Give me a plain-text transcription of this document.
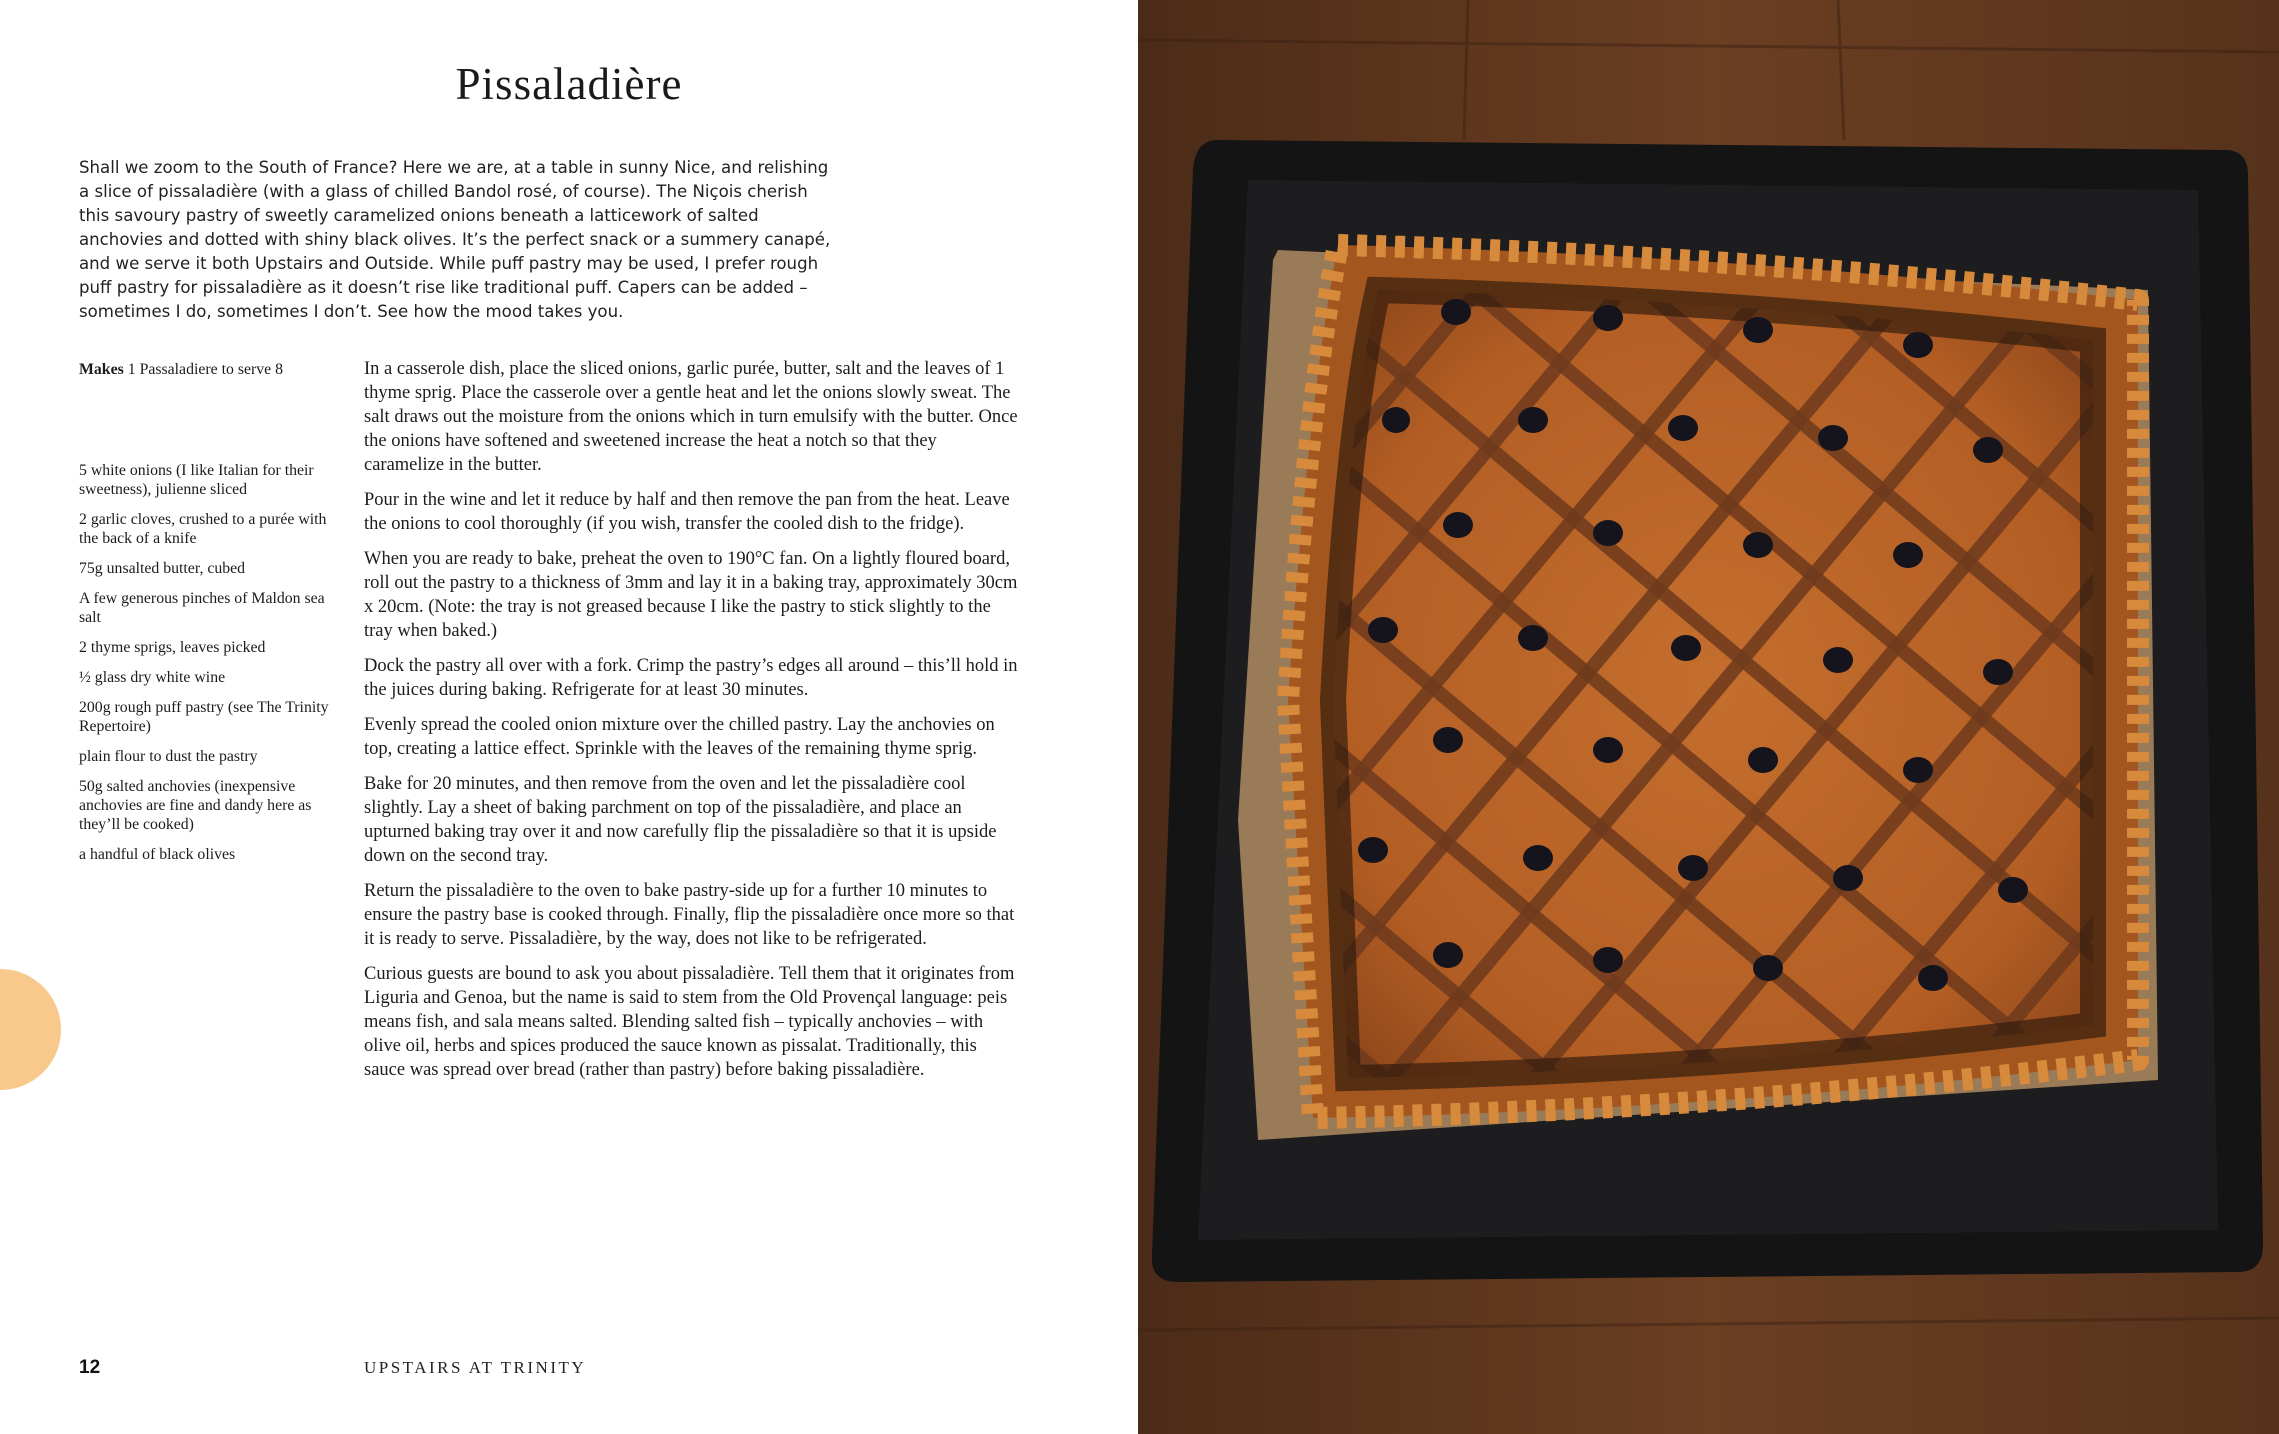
Pissaladière

Shall we zoom to the South of France? Here we are, at a table in sunny Nice, and relishing a slice of pissaladière (with a glass of chilled Bandol rosé, of course). The Niçois cherish this savoury pastry of sweetly caramelized onions beneath a latticework of salted anchovies and dotted with shiny black olives. It’s the perfect snack or a summery canapé, and we serve it both Upstairs and Outside. While puff pastry may be used, I prefer rough puff pastry for pissaladière as it doesn’t rise like traditional puff. Capers can be added – sometimes I do, sometimes I don’t. See how the mood takes you.

Makes 1 Passaladiere to serve 8

5 white onions (I like Italian for their sweetness), julienne sliced
2 garlic cloves, crushed to a purée with the back of a knife
75g unsalted butter, cubed
A few generous pinches of Maldon sea salt
2 thyme sprigs, leaves picked
½ glass dry white wine
200g rough puff pastry (see The Trinity Repertoire)
plain flour to dust the pastry
50g salted anchovies (inexpensive anchovies are fine and dandy here as they’ll be cooked)
a handful of black olives

In a casserole dish, place the sliced onions, garlic purée, butter, salt and the leaves of 1 thyme sprig. Place the casserole over a gentle heat and let the onions slowly sweat. The salt draws out the moisture from the onions which in turn emulsify with the butter. Once the onions have softened and sweetened increase the heat a notch so that they caramelize in the butter.

Pour in the wine and let it reduce by half and then remove the pan from the heat. Leave the onions to cool thoroughly (if you wish, transfer the cooled dish to the fridge).

When you are ready to bake, preheat the oven to 190°C fan. On a lightly floured board, roll out the pastry to a thickness of 3mm and lay it in a baking tray, approximately 30cm x 20cm. (Note: the tray is not greased because I like the pastry to stick slightly to the tray when baked.)

Dock the pastry all over with a fork. Crimp the pastry’s edges all around – this’ll hold in the juices during baking. Refrigerate for at least 30 minutes.

Evenly spread the cooled onion mixture over the chilled pastry. Lay the anchovies on top, creating a lattice effect. Sprinkle with the leaves of the remaining thyme sprig.

Bake for 20 minutes, and then remove from the oven and let the pissaladière cool slightly. Lay a sheet of baking parchment on top of the pissaladière, and place an upturned baking tray over it and now carefully flip the pissaladière so that it is upside down on the second tray.

Return the pissaladière to the oven to bake pastry-side up for a further 10 minutes to ensure the pastry base is cooked through. Finally, flip the pissaladière once more so that it is ready to serve. Pissaladière, by the way, does not like to be refrigerated.

Curious guests are bound to ask you about pissaladière. Tell them that it originates from Liguria and Genoa, but the name is said to stem from the Old Provençal language: peis means fish, and sala means salted. Blending salted fish – typically anchovies – with olive oil, herbs and spices produced the sauce known as pissalat. Traditionally, this sauce was spread over bread (rather than pastry) before baking pissaladière.

12	UPSTAIRS AT TRINITY
